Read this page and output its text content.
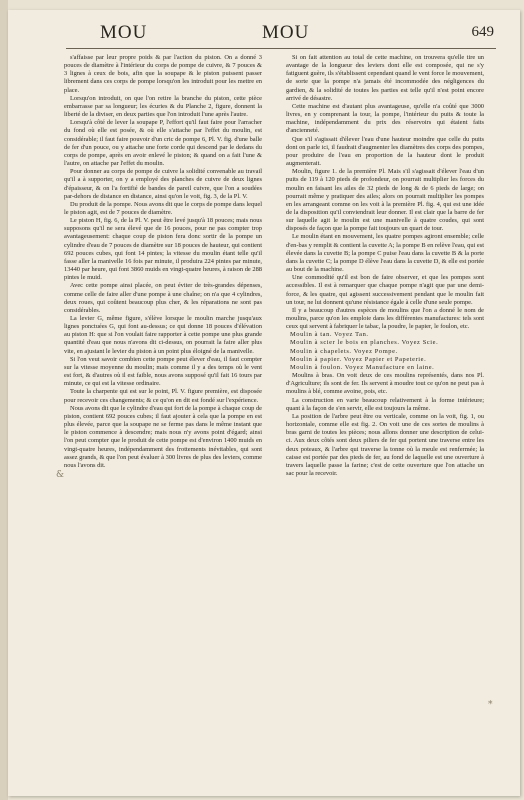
MOU	MOU	649

s'affaisse par leur propre poids & par l'action du piston. On a donné 3 pouces de diamètre à l'intérieur du corps de pompe de cuivre, & 7 pouces & 3 lignes à ceux de bois, afin que la soupape & le piston puissent passer librement dans ces corps de pompe lorsqu'on les introduit pour les mettre en place.

Lorsqu'on introduit, on que l'on retire la branche du piston, cette pièce embarrasse par sa longueur; les écuries & du Planche 2, figure, donnent la liberté de la diviser, en deux parties que l'on introduit l'une après l'autre.

Lorsqu'à côté de lever la soupape P, l'effort qu'il faut faire pour l'arracher du fond où elle est posée, & où elle s'attache par l'effet du moulin, est considérable; il faut faire pouvoir d'un cric de pompe 6, Pl. V. fig. d'une balle de fer d'un pouce, ou y attache une forte corde qui descend par le dedans du corps de pompe, après en avoir enlevé le piston; & quand on a fait l'une & l'autre, on attache par l'effet du moulin.

Pour donner au corps de pompe de cuivre la solidité convenable au travail qu'il a à supporter, on y a employé des planches de cuivre de deux lignes d'épaisseur, & on l'a fortifié de bandes de pareil cuivre, que l'on a soudées par-dehors de distance en distance, ainsi qu'on le voit, fig. 3, de la Pl. V.

Du produit de la pompe. Nous avons dit que le corps de pompe dans lequel le piston agit, est de 7 pouces de diamètre.

Le piston H, fig. 6, de la Pl. V. peut être levé jusqu'à 18 pouces; mais nous supposons qu'il ne sera élevé que de 16 pouces, pour ne pas compter trop avantageusement: chaque coup de piston fera donc sortir de la pompe un cylindre d'eau de 7 pouces de diamètre sur 18 pouces de hauteur, qui contient 692 pouces cubes, qui font 14 pintes; la vitesse du moulin étant telle qu'il fasse aller la manivelle 16 fois par minute, il produira 224 pintes par minute, 13440 par heure, qui font 3860 muids en vingt-quatre heures, à raison de 288 pintes le muid.

Avec cette pompe ainsi placée, on peut éviter de très-grandes dépenses, comme celle de faire aller d'une pompe à une chaîne; on n'a que 4 cylindres, deux roues, qui coûtent beaucoup plus cher, & les réparations ne sont pas considérables.

La levier G, même figure, s'élève lorsque le moulin marche jusqu'aux lignes ponctuées G, qui font au-dessus; ce qui donne 18 pouces d'élévation au piston H: que si l'on voulait faire rapporter à cette pompe une plus grande quantité d'eau que nous n'avons dit ci-dessus, on pourrait la faire aller plus vite, en ajustant le levier du piston à un point plus éloigné de la manivelle.

Si l'on veut savoir combien cette pompe peut élever d'eau, il faut compter sur la vitesse moyenne du moulin; mais comme il y a des temps où le vent est fort, & d'autres où il est faible, nous avons supposé qu'il fait 16 tours par minute, ce qui est la vitesse ordinaire.

Toute la charpente qui est sur le point, Pl. V. figure première, est disposée pour recevoir ces changements; & ce qu'on en dit est fondé sur l'expérience.

Nous avons dit que le cylindre d'eau qui fort de la pompe à chaque coup de piston, contient 692 pouces cubes; il faut ajouter à cela que la pompe en est plus élevée, parce que la soupape ne se ferme pas dans le même instant que le piston commence à descendre; mais nous n'y avons point d'égard; ainsi l'on peut compter que le produit de cette pompe est d'environ 1400 muids en vingt-quatre heures, indépendamment des frottements inévitables, qui sont assez grands, & que l'on peut évaluer à 300 livres de plus des leviers, comme nous l'avons dit.

Si on fait attention au total de cette machine, on trouvera qu'elle tire un avantage de la longueur des leviers dont elle est composée, qui ne s'y fatiguent guère, ils s'établissent cependant quand le vent force le mouvement, de sorte que la pompe n'a jamais été incommodée des négligences du gardien, & la solidité de toutes les parties est telle qu'il n'est point encore arrivé de désastre.

Cette machine est d'autant plus avantageuse, qu'elle n'a coûté que 3000 livres, en y comprenant la tour, la pompe, l'intérieur du puits & toute la machine, indépendamment du prix des réservoirs qui étaient faits d'ancienneté.

Que s'il s'agissait d'élever l'eau d'une hauteur moindre que celle du puits dont on parle ici, il faudrait d'augmenter les diamètres des corps des pompes, pour produire de l'eau en proportion de la hauteur dont le produit augmenterait.

Moulin, figure 1. de la première Pl. Mais s'il s'agissait d'élever l'eau d'un puits de 119 à 120 pieds de profondeur, on pourrait multiplier les forces du moulin en faisant les ailes de 32 pieds de long & de 6 pieds de large; on pourrait même y pratiquer des ailes; alors on pourrait multiplier les pompes en les arrangeant comme on les voit à la première Pl. fig. 4, qui est une idée de la disposition qu'il conviendrait leur donner. Il est clair que la barre de fer sur laquelle agit le moulin est une manivelle à quatre coudes, qui sont disposés de façon que la pompe fait toujours un quart de tour.

Le moulin étant en mouvement, les quatre pompes agiront ensemble; celle d'en-bas y remplit & contient la cuvette A; la pompe B en relève l'eau, qui est élevée dans la cuvette B; la pompe C puise l'eau dans la cuvette B & la porte dans la cuvette C; la pompe D élève l'eau dans la cuvette D, & elle est portée au bout de la machine.

Une commodité qu'il est bon de faire observer, et que les pompes sont accessibles. Il est à remarquer que chaque pompe n'agit que par une demi-force, & les quatre, qui agissent successivement pendant que le moulin fait un tour, ne lui donnent qu'une résistance égale à celle d'une seule pompe.

Il y a beaucoup d'autres espèces de moulins que l'on a donné le nom de moulins, parce qu'on les emploie dans les différentes manufactures: tels sont ceux qui servent à fabriquer le tabac, la poudre, le papier, le foulon, etc.

Moulin à tan. Voyez Tan.

Moulin à scier le bois en planches. Voyez Scie.

Moulin à chapelets. Voyez Pompe.

Moulin à papier. Voyez Papier et Papeterie.

Moulin à foulon. Voyez Manufacture en laine.

Moulins à bras. On voit deux de ces moulins représentés, dans nos Pl. d'Agriculture; ils sont de fer. Ils servent à moudre tout ce qu'on ne peut pas à moulins à blé, comme avoine, pois, etc.

La construction en varie beaucoup relativement à la forme intérieure; quant à la façon de s'en servir, elle est toujours la même.

La position de l'arbre peut être ou verticale, comme on la voit, fig. 1, ou horizontale, comme elle est fig. 2. On voit une de ces sortes de moulins à bras garni de toutes les pièces; nous allons donner une description de celui-ci. Aux deux côtés sont deux piliers de fer qui portent une traverse entre les deux poteaux, & l'arbre qui traverse la tonne où la meule est renfermée; la caisse est portée par des pieds de fer, au fond de laquelle est une ouverture à travers laquelle passe la farine; c'est de cette ouverture que l'on attache un sac pour la recevoir.

&
*
